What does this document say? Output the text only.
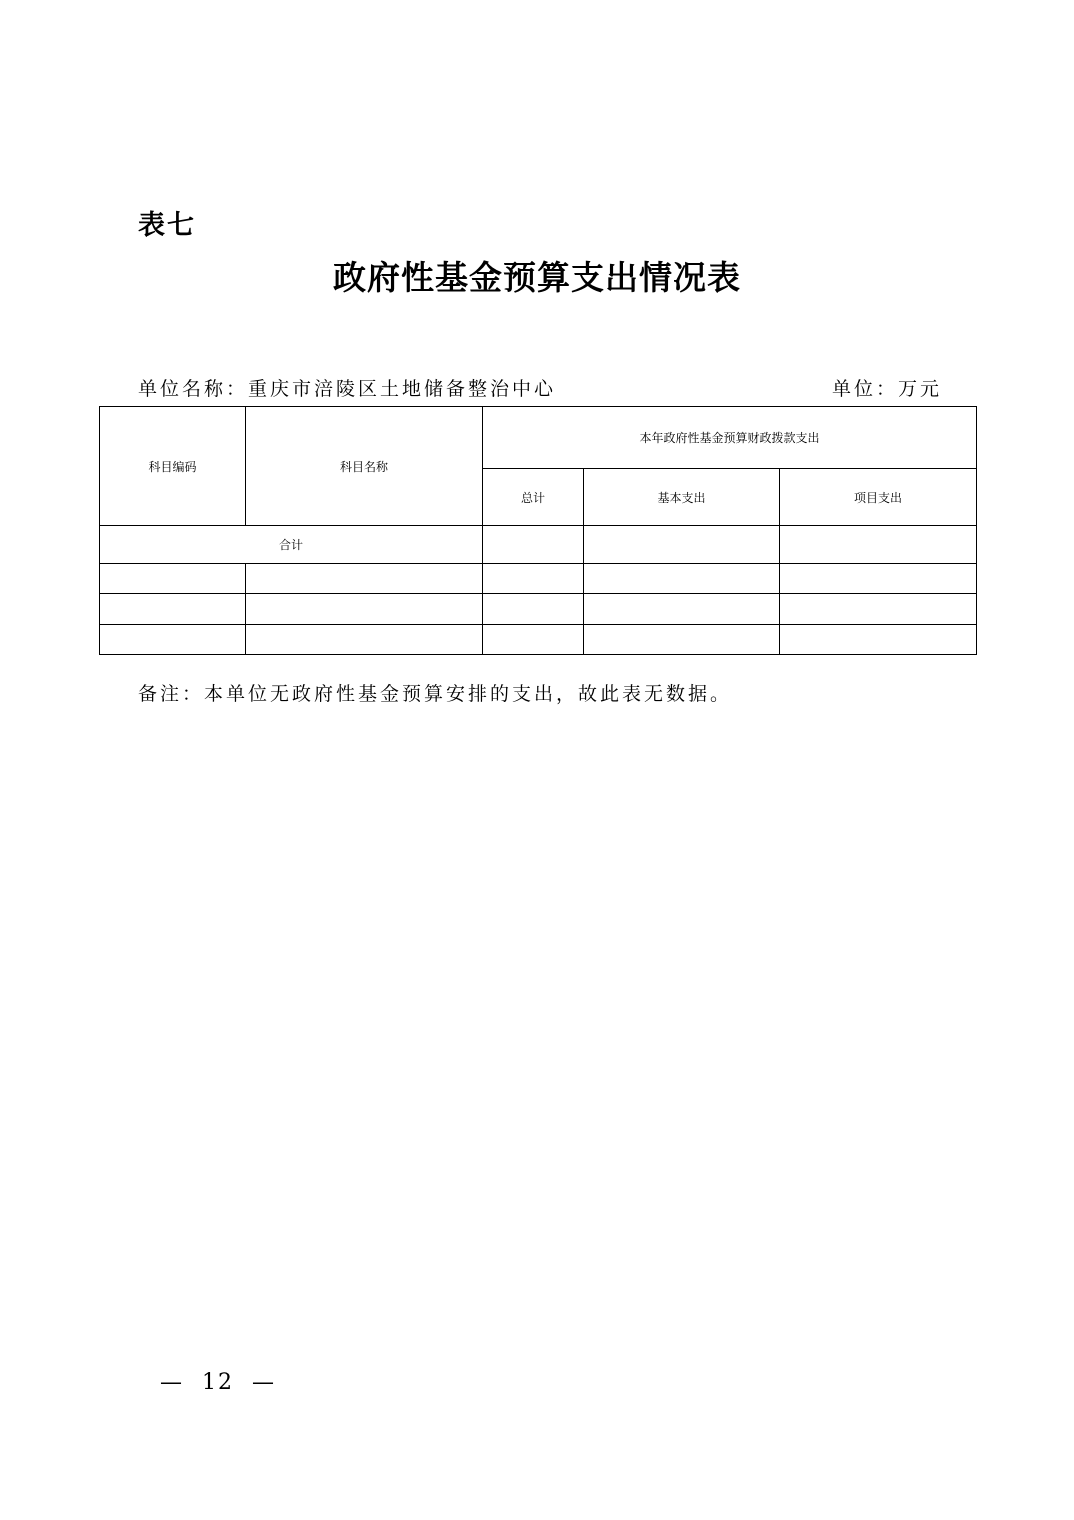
表七
政府性基金预算支出情况表
单位名称：重庆市涪陵区土地储备整治中心	单位：万元
科目编码	科目名称	本年政府性基金预算财政拨款支出		
		总计	基本支出	项目支出
合计				

备注：本单位无政府性基金预算安排的支出，故此表无数据。
—  12  —
